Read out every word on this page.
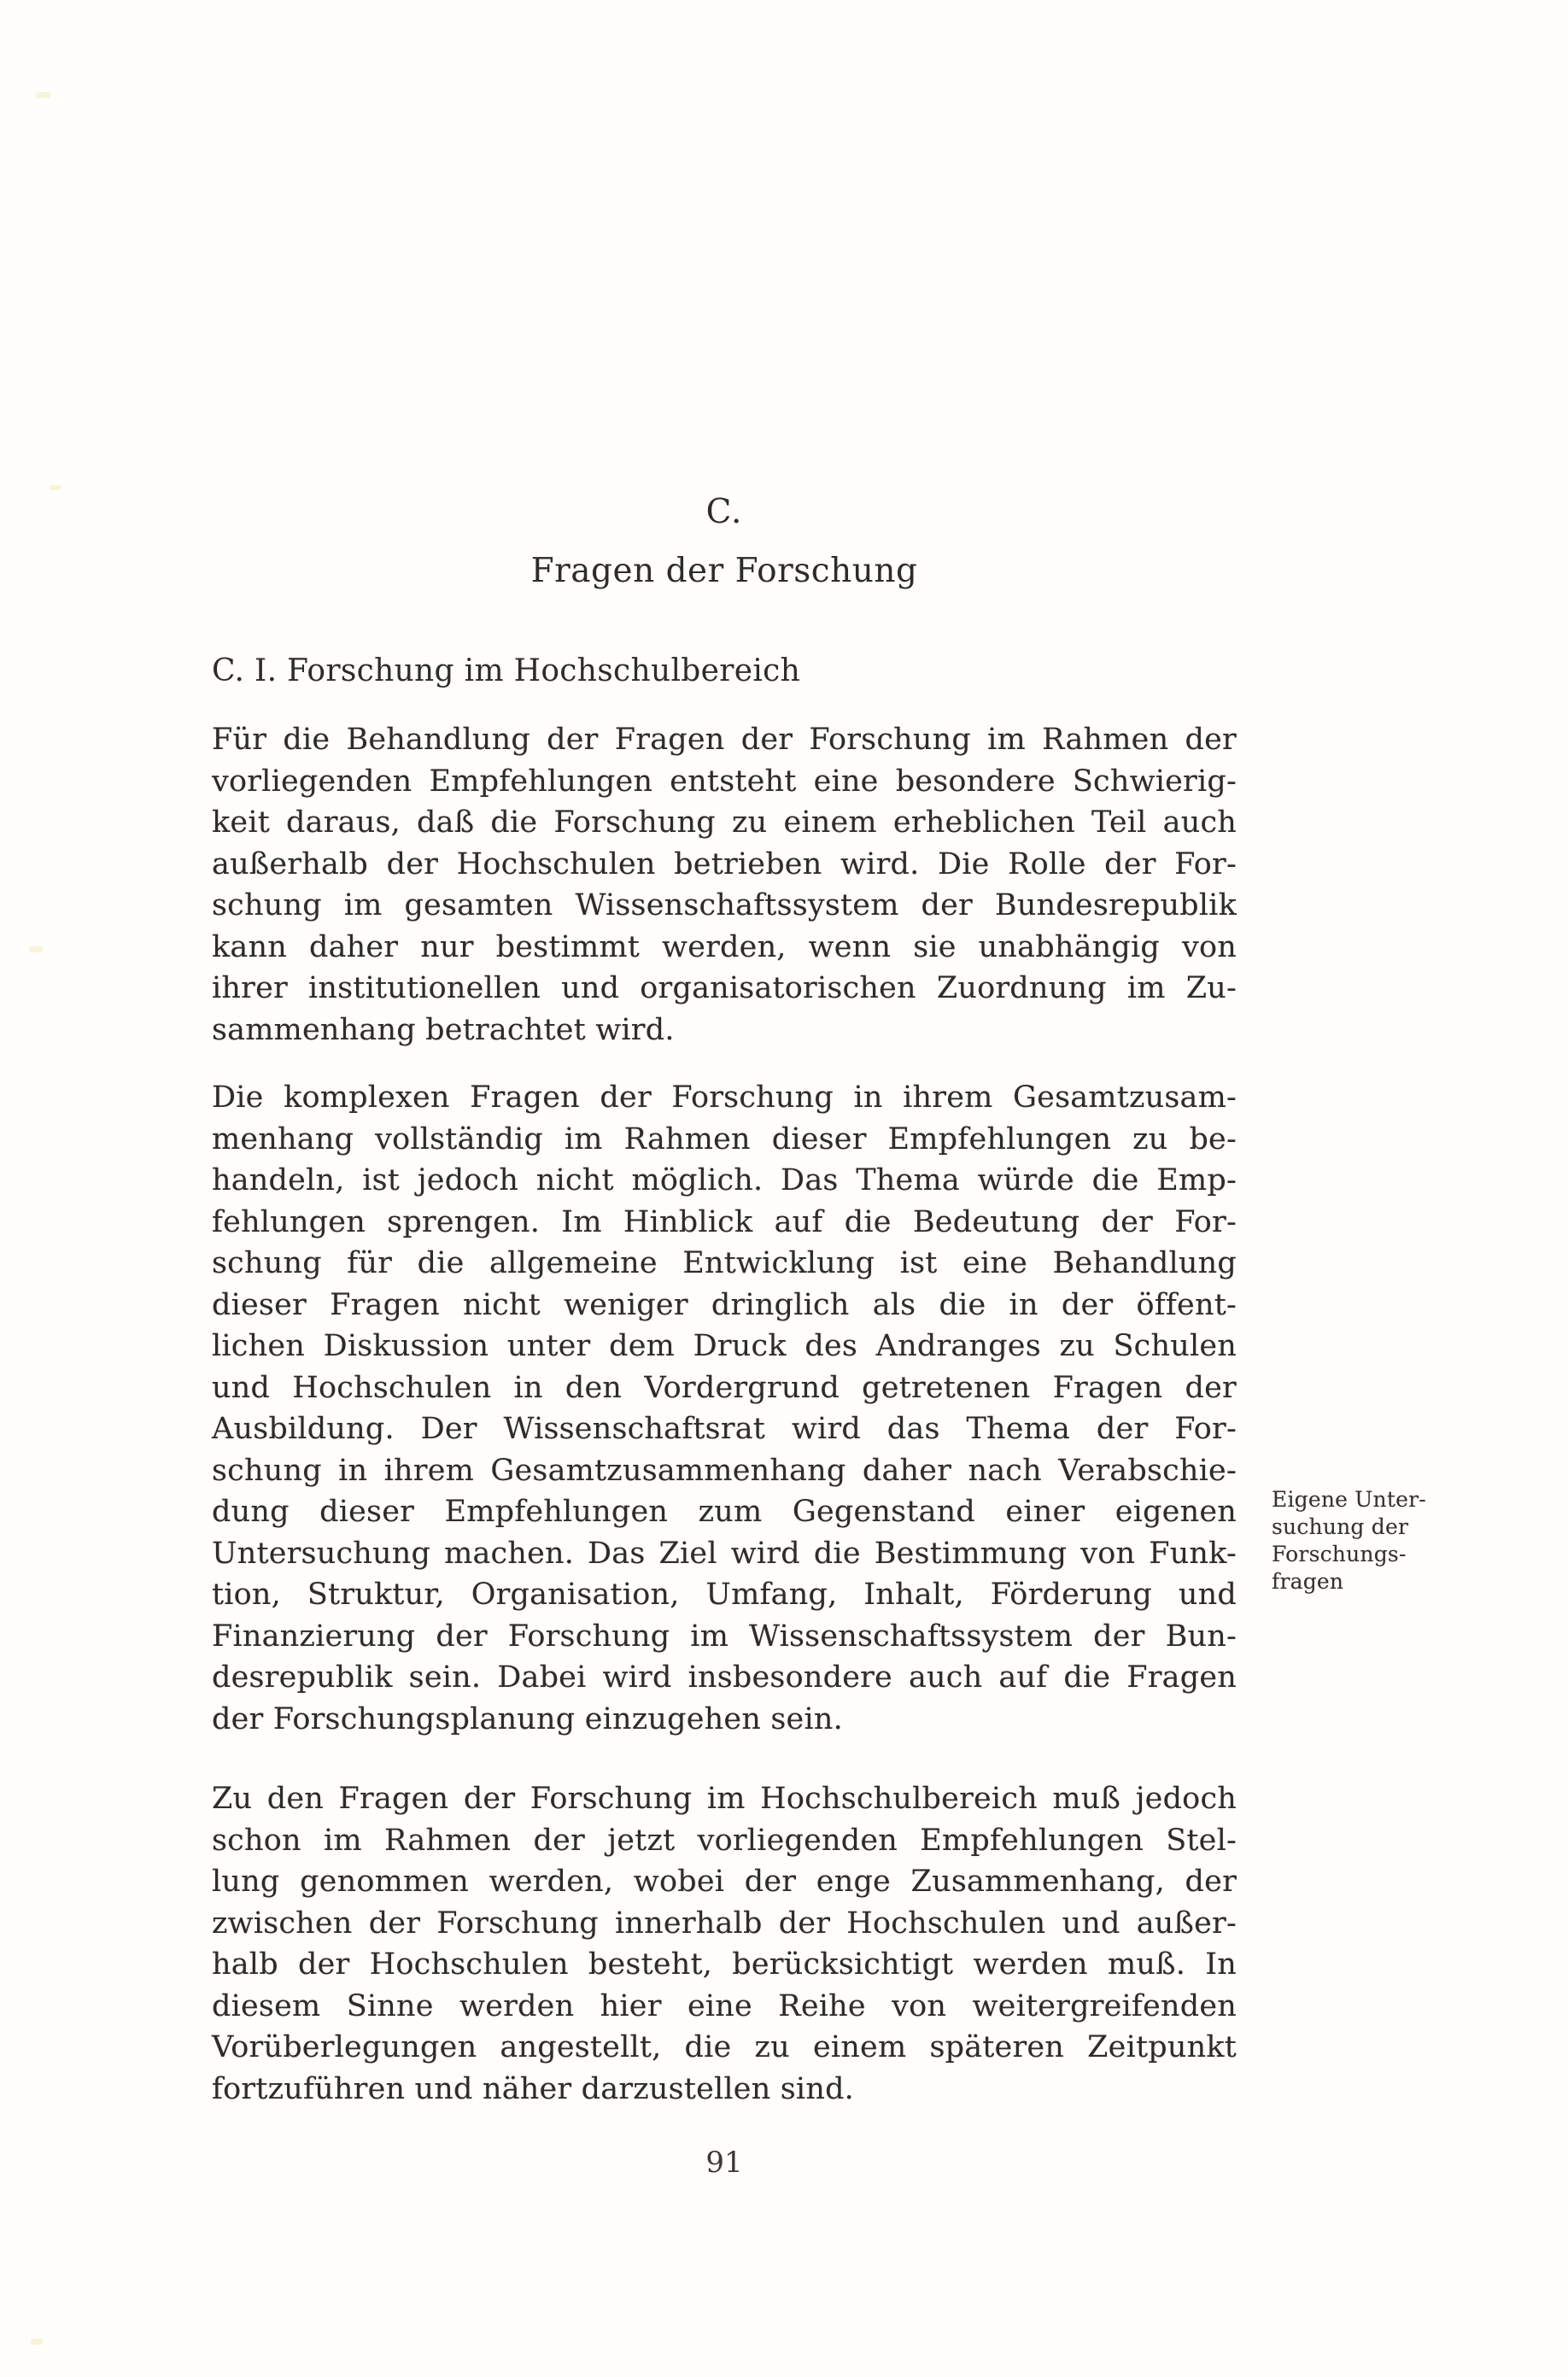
C.
Fragen der Forschung
C. I. Forschung im Hochschulbereich
Für die Behandlung der Fragen der Forschung im Rahmen der
vorliegenden Empfehlungen entsteht eine besondere Schwierig-
keit daraus, daß die Forschung zu einem erheblichen Teil auch
außerhalb der Hochschulen betrieben wird. Die Rolle der For-
schung im gesamten Wissenschaftssystem der Bundesrepublik
kann daher nur bestimmt werden, wenn sie unabhängig von
ihrer institutionellen und organisatorischen Zuordnung im Zu-
sammenhang betrachtet wird.
Die komplexen Fragen der Forschung in ihrem Gesamtzusam-
menhang vollständig im Rahmen dieser Empfehlungen zu be-
handeln, ist jedoch nicht möglich. Das Thema würde die Emp-
fehlungen sprengen. Im Hinblick auf die Bedeutung der For-
schung für die allgemeine Entwicklung ist eine Behandlung
dieser Fragen nicht weniger dringlich als die in der öffent-
lichen Diskussion unter dem Druck des Andranges zu Schulen
und Hochschulen in den Vordergrund getretenen Fragen der
Ausbildung. Der Wissenschaftsrat wird das Thema der For-
schung in ihrem Gesamtzusammenhang daher nach Verabschie-
dung dieser Empfehlungen zum Gegenstand einer eigenen
Untersuchung machen. Das Ziel wird die Bestimmung von Funk-
tion, Struktur, Organisation, Umfang, Inhalt, Förderung und
Finanzierung der Forschung im Wissenschaftssystem der Bun-
desrepublik sein. Dabei wird insbesondere auch auf die Fragen
der Forschungsplanung einzugehen sein.
Zu den Fragen der Forschung im Hochschulbereich muß jedoch
schon im Rahmen der jetzt vorliegenden Empfehlungen Stel-
lung genommen werden, wobei der enge Zusammenhang, der
zwischen der Forschung innerhalb der Hochschulen und außer-
halb der Hochschulen besteht, berücksichtigt werden muß. In
diesem Sinne werden hier eine Reihe von weitergreifenden
Vorüberlegungen angestellt, die zu einem späteren Zeitpunkt
fortzuführen und näher darzustellen sind.
Eigene Unter-
suchung der
Forschungs-
fragen
91
